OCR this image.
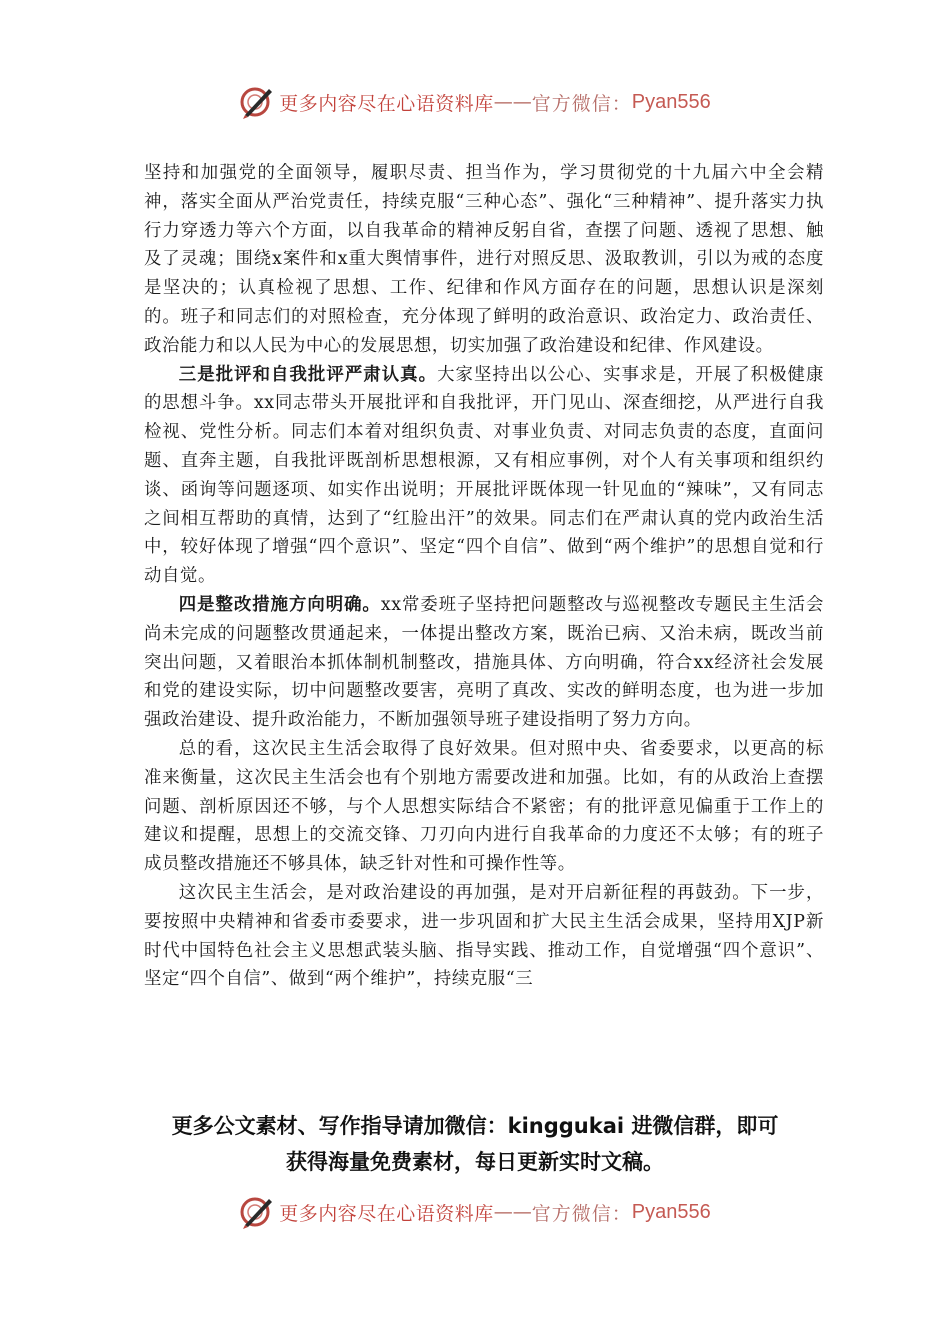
更多内容尽在心语资料库 —— 官方微信： Pyan556

坚持和加强党的全面领导，履职尽责、担当作为，学习贯彻党的十九届六中全会精神，落实全面从严治党责任，持续克服“三种心态”、强化“三种精神”、提升落实力执行力穿透力等六个方面，以自我革命的精神反躬自省，查摆了问题、透视了思想、触及了灵魂；围绕x案件和x重大舆情事件，进行对照反思、汲取教训，引以为戒的态度是坚决的；认真检视了思想、工作、纪律和作风方面存在的问题，思想认识是深刻的。班子和同志们的对照检查，充分体现了鲜明的政治意识、政治定力、政治责任、政治能力和以人民为中心的发展思想，切实加强了政治建设和纪律、作风建设。

三是批评和自我批评严肃认真。大家坚持出以公心、实事求是，开展了积极健康的思想斗争。xx同志带头开展批评和自我批评，开门见山、深查细挖，从严进行自我检视、党性分析。同志们本着对组织负责、对事业负责、对同志负责的态度，直面问题、直奔主题，自我批评既剖析思想根源，又有相应事例，对个人有关事项和组织约谈、函询等问题逐项、如实作出说明；开展批评既体现一针见血的“辣味”，又有同志之间相互帮助的真情，达到了“红脸出汗”的效果。同志们在严肃认真的党内政治生活中，较好体现了增强“四个意识”、坚定“四个自信”、做到“两个维护”的思想自觉和行动自觉。

四是整改措施方向明确。xx常委班子坚持把问题整改与巡视整改专题民主生活会尚未完成的问题整改贯通起来，一体提出整改方案，既治已病、又治未病，既改当前突出问题，又着眼治本抓体制机制整改，措施具体、方向明确，符合xx经济社会发展和党的建设实际，切中问题整改要害，亮明了真改、实改的鲜明态度，也为进一步加强政治建设、提升政治能力，不断加强领导班子建设指明了努力方向。

总的看，这次民主生活会取得了良好效果。但对照中央、省委要求，以更高的标准来衡量，这次民主生活会也有个别地方需要改进和加强。比如，有的从政治上查摆问题、剖析原因还不够，与个人思想实际结合不紧密；有的批评意见偏重于工作上的建议和提醒，思想上的交流交锋、刀刃向内进行自我革命的力度还不太够；有的班子成员整改措施还不够具体，缺乏针对性和可操作性等。

这次民主生活会，是对政治建设的再加强，是对开启新征程的再鼓劲。下一步，要按照中央精神和省委市委要求，进一步巩固和扩大民主生活会成果，坚持用XJP新时代中国特色社会主义思想武装头脑、指导实践、推动工作，自觉增强“四个意识”、坚定“四个自信”、做到“两个维护”，持续克服“三

更多公文素材、写作指导请加微信：kinggukai 进微信群，即可
获得海量免费素材，每日更新实时文稿。
更多内容尽在心语资料库 —— 官方微信： Pyan556
